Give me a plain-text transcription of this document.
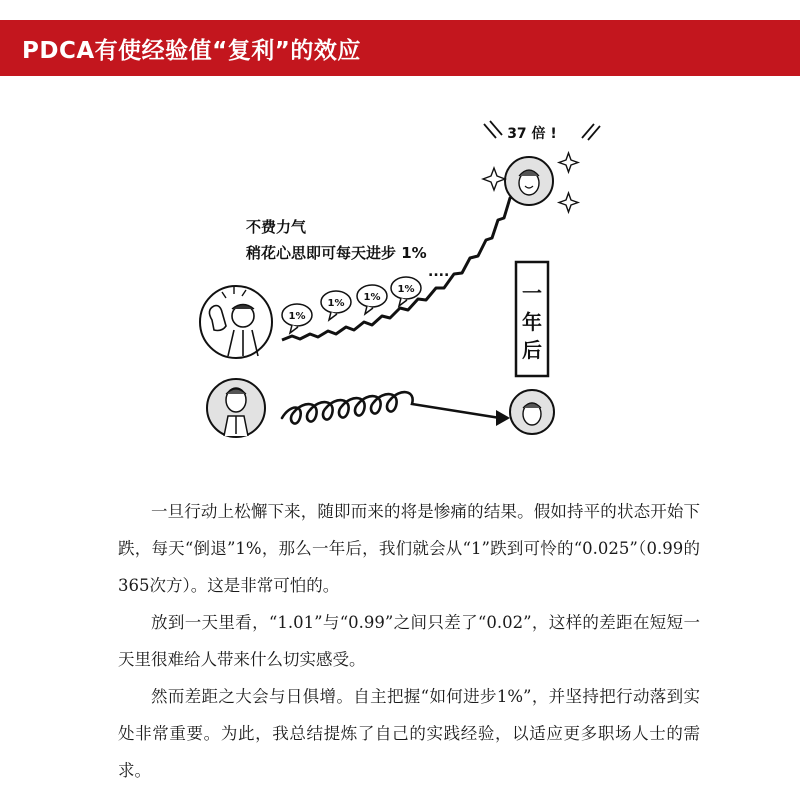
PDCA有使经验值“复利”的效应
1%
1%
1%
1%
....
不费力气
稍花心思即可每天进步 1%
一
年
后
37 倍 !

一旦行动上松懈下来，随即而来的将是惨痛的结果。假如持平的状态开始下跌，每天“倒退”1%，那么一年后，我们就会从“1”跌到可怜的“0.025”（0.99的365次方）。这是非常可怕的。

放到一天里看，“1.01”与“0.99”之间只差了“0.02”，这样的差距在短短一天里很难给人带来什么切实感受。

然而差距之大会与日俱增。自主把握“如何进步1%”，并坚持把行动落到实处非常重要。为此，我总结提炼了自己的实践经验，以适应更多职场人士的需求。
